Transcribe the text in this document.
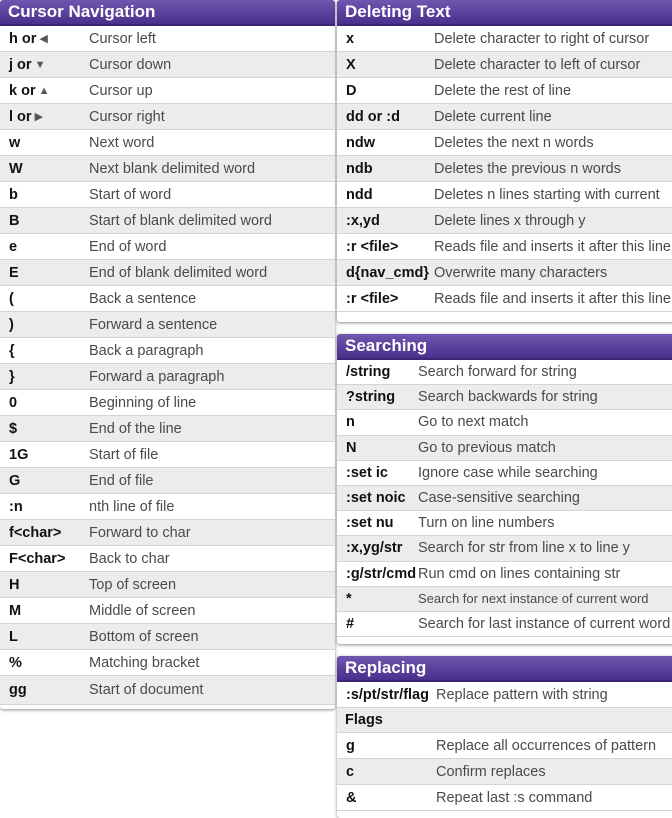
Cursor Navigation
h or ◀	Cursor left
j or ▼	Cursor down
k or ▲	Cursor up
l or ▶	Cursor right
w	Next word
W	Next blank delimited word
b	Start of word
B	Start of blank delimited word
e	End of word
E	End of blank delimited word
(	Back a sentence
)	Forward a sentence
{	Back a paragraph
}	Forward a paragraph
0	Beginning of line
$	End of the line
1G	Start of file
G	End of file
:n	nth line of file
f<char>	Forward to char
F<char>	Back to char
H	Top of screen
M	Middle of screen
L	Bottom of screen
%	Matching bracket
gg	Start of document
Deleting Text
x	Delete character to right of cursor
X	Delete character to left of cursor
D	Delete the rest of line
dd or :d	Delete current line
ndw	Deletes the next n words
ndb	Deletes the previous n words
ndd	Deletes n lines starting with current
:x,yd	Delete lines x through y
:r <file>	Reads file and inserts it after this line
d{nav_cmd} Overwrite many characters
:r <file>	Reads file and inserts it after this line
Searching
/string	Search forward for string
?string	Search backwards for string
n	Go to next match
N	Go to previous match
:set ic	Ignore case while searching
:set noic Case-sensitive searching
:set nu	Turn on line numbers
:x,yg/str	Search for str from line x to line y
:g/str/cmd Run cmd on lines containing str
*	Search for next instance of current word
#	Search for last instance of current word
Replacing
:s/pt/str/flag Replace pattern with string
Flags
g	Replace all occurrences of pattern
c	Confirm replaces
&	Repeat last :s command
